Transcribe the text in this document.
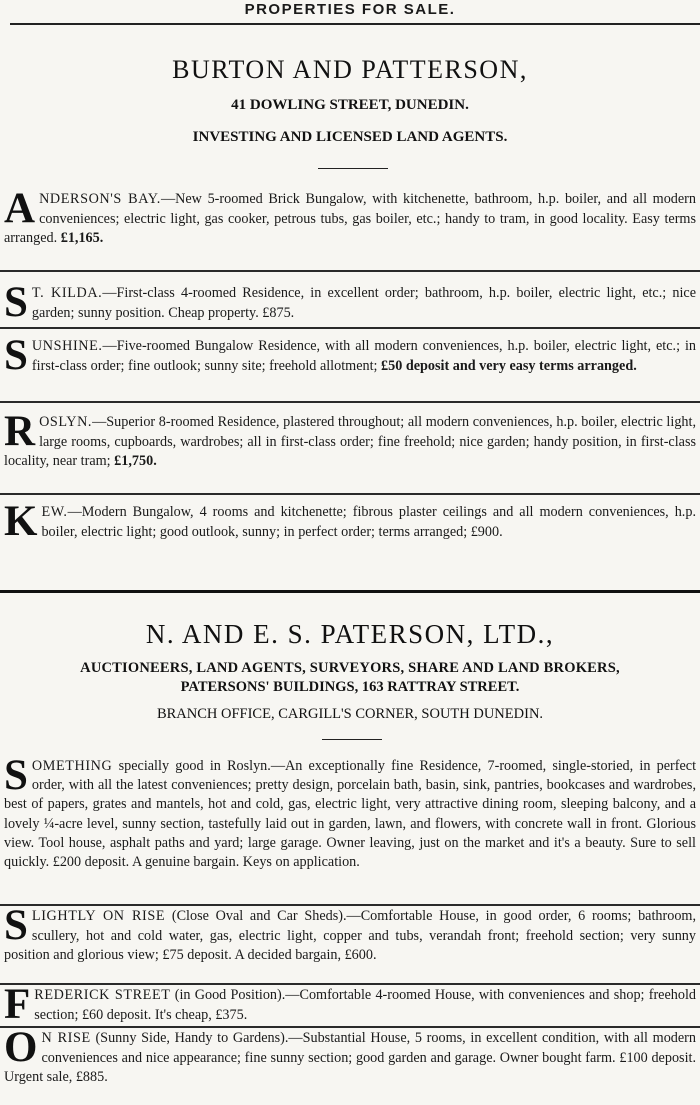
PROPERTIES FOR SALE.
BURTON AND PATTERSON,
41 DOWLING STREET, DUNEDIN.
INVESTING AND LICENSED LAND AGENTS.
ANDERSON'S BAY.—New 5-roomed Brick Bungalow, with kitchenette, bathroom, h.p. boiler, and all modern conveniences; electric light, gas cooker, petrous tubs, gas boiler, etc.; handy to tram, in good locality. Easy terms arranged. £1,165.
S T. KILDA.—First-class 4-roomed Residence, in excellent order; bathroom, h.p. boiler, electric light, etc.; nice garden; sunny position. Cheap property. £875.
SUNSHINE.—Five-roomed Bungalow Residence, with all modern conveniences, h.p. boiler, electric light, etc.; in first-class order; fine outlook; sunny site; freehold allotment; £50 deposit and very easy terms arranged.
ROSLYN.—Superior 8-roomed Residence, plastered throughout; all modern conveniences, h.p. boiler, electric light, large rooms, cupboards, wardrobes; all in first-class order; fine freehold; nice garden; handy position, in first-class locality, near tram; £1,750.
KEW.—Modern Bungalow, 4 rooms and kitchenette; fibrous plaster ceilings and all modern conveniences, h.p. boiler, electric light; good outlook, sunny; in perfect order; terms arranged; £900.
N. AND E. S. PATERSON, LTD.,
AUCTIONEERS, LAND AGENTS, SURVEYORS, SHARE AND LAND BROKERS,
PATERSONS' BUILDINGS, 163 RATTRAY STREET.
BRANCH OFFICE, CARGILL'S CORNER, SOUTH DUNEDIN.
SOMETHING specially good in Roslyn.—An exceptionally fine Residence, 7-roomed, single-storied, in perfect order, with all the latest conveniences; pretty design, porcelain bath, basin, sink, pantries, bookcases and wardrobes, best of papers, grates and mantels, hot and cold, gas, electric light, very attractive dining room, sleeping balcony, and a lovely ¼-acre level, sunny section, tastefully laid out in garden, lawn, and flowers, with concrete wall in front. Glorious view. Tool house, asphalt paths and yard; large garage. Owner leaving, just on the market and it's a beauty. Sure to sell quickly. £200 deposit. A genuine bargain. Keys on application.
SLIGHTLY ON RISE (Close Oval and Car Sheds).—Comfortable House, in good order, 6 rooms; bathroom, scullery, hot and cold water, gas, electric light, copper and tubs, verandah front; freehold section; very sunny position and glorious view; £75 deposit. A decided bargain, £600.
FREDERICK STREET (in Good Position).—Comfortable 4-roomed House, with conveniences and shop; freehold section; £60 deposit. It's cheap, £375.
O N RISE (Sunny Side, Handy to Gardens).—Substantial House, 5 rooms, in excellent condition, with all modern conveniences and nice appearance; fine sunny section; good garden and garage. Owner bought farm. £100 deposit. Urgent sale, £885.
